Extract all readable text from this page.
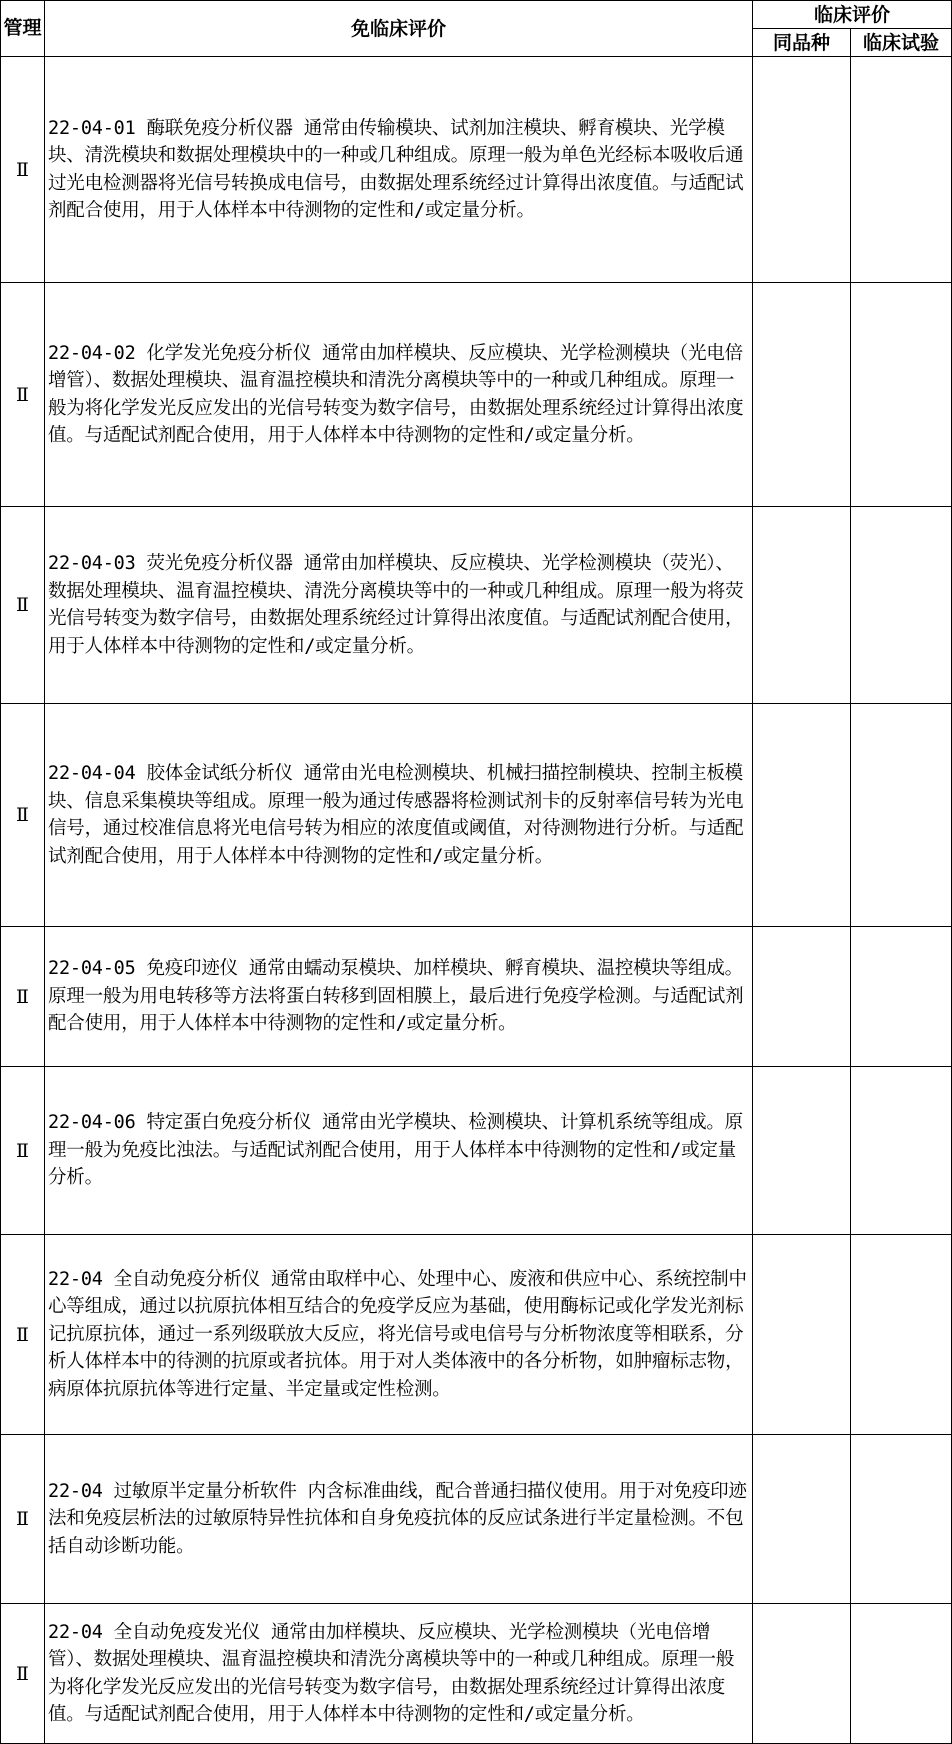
管理	免临床评价	临床评价	
		同品种	临床试验
Ⅱ	22-04-01 酶联免疫分析仪器 通常由传输模块、试剂加注模块、孵育模块、光学模块、清洗模块和数据处理模块中的一种或几种组成。原理一般为单色光经标本吸收后通过光电检测器将光信号转换成电信号，由数据处理系统经过计算得出浓度值。与适配试剂配合使用，用于人体样本中待测物的定性和/或定量分析。		
Ⅱ	22-04-02 化学发光免疫分析仪 通常由加样模块、反应模块、光学检测模块（光电倍增管）、数据处理模块、温育温控模块和清洗分离模块等中的一种或几种组成。原理一般为将化学发光反应发出的光信号转变为数字信号，由数据处理系统经过计算得出浓度值。与适配试剂配合使用，用于人体样本中待测物的定性和/或定量分析。		
Ⅱ	22-04-03 荧光免疫分析仪器 通常由加样模块、反应模块、光学检测模块（荧光）、数据处理模块、温育温控模块、清洗分离模块等中的一种或几种组成。原理一般为将荧光信号转变为数字信号，由数据处理系统经过计算得出浓度值。与适配试剂配合使用，用于人体样本中待测物的定性和/或定量分析。		
Ⅱ	22-04-04 胶体金试纸分析仪 通常由光电检测模块、机械扫描控制模块、控制主板模块、信息采集模块等组成。原理一般为通过传感器将检测试剂卡的反射率信号转为光电信号，通过校准信息将光电信号转为相应的浓度值或阈值，对待测物进行分析。与适配试剂配合使用，用于人体样本中待测物的定性和/或定量分析。		
Ⅱ	22-04-05 免疫印迹仪 通常由蠕动泵模块、加样模块、孵育模块、温控模块等组成。原理一般为用电转移等方法将蛋白转移到固相膜上，最后进行免疫学检测。与适配试剂配合使用，用于人体样本中待测物的定性和/或定量分析。		
Ⅱ	22-04-06 特定蛋白免疫分析仪 通常由光学模块、检测模块、计算机系统等组成。原理一般为免疫比浊法。与适配试剂配合使用，用于人体样本中待测物的定性和/或定量分析。		
Ⅱ	22-04 全自动免疫分析仪 通常由取样中心、处理中心、废液和供应中心、系统控制中心等组成，通过以抗原抗体相互结合的免疫学反应为基础，使用酶标记或化学发光剂标记抗原抗体，通过一系列级联放大反应，将光信号或电信号与分析物浓度等相联系，分析人体样本中的待测的抗原或者抗体。用于对人类体液中的各分析物，如肿瘤标志物，病原体抗原抗体等进行定量、半定量或定性检测。		
Ⅱ	22-04 过敏原半定量分析软件 内含标准曲线，配合普通扫描仪使用。用于对免疫印迹法和免疫层析法的过敏原特异性抗体和自身免疫抗体的反应试条进行半定量检测。不包括自动诊断功能。		
Ⅱ	22-04 全自动免疫发光仪 通常由加样模块、反应模块、光学检测模块（光电倍增管）、数据处理模块、温育温控模块和清洗分离模块等中的一种或几种组成。原理一般为将化学发光反应发出的光信号转变为数字信号，由数据处理系统经过计算得出浓度值。与适配试剂配合使用，用于人体样本中待测物的定性和/或定量分析。		
